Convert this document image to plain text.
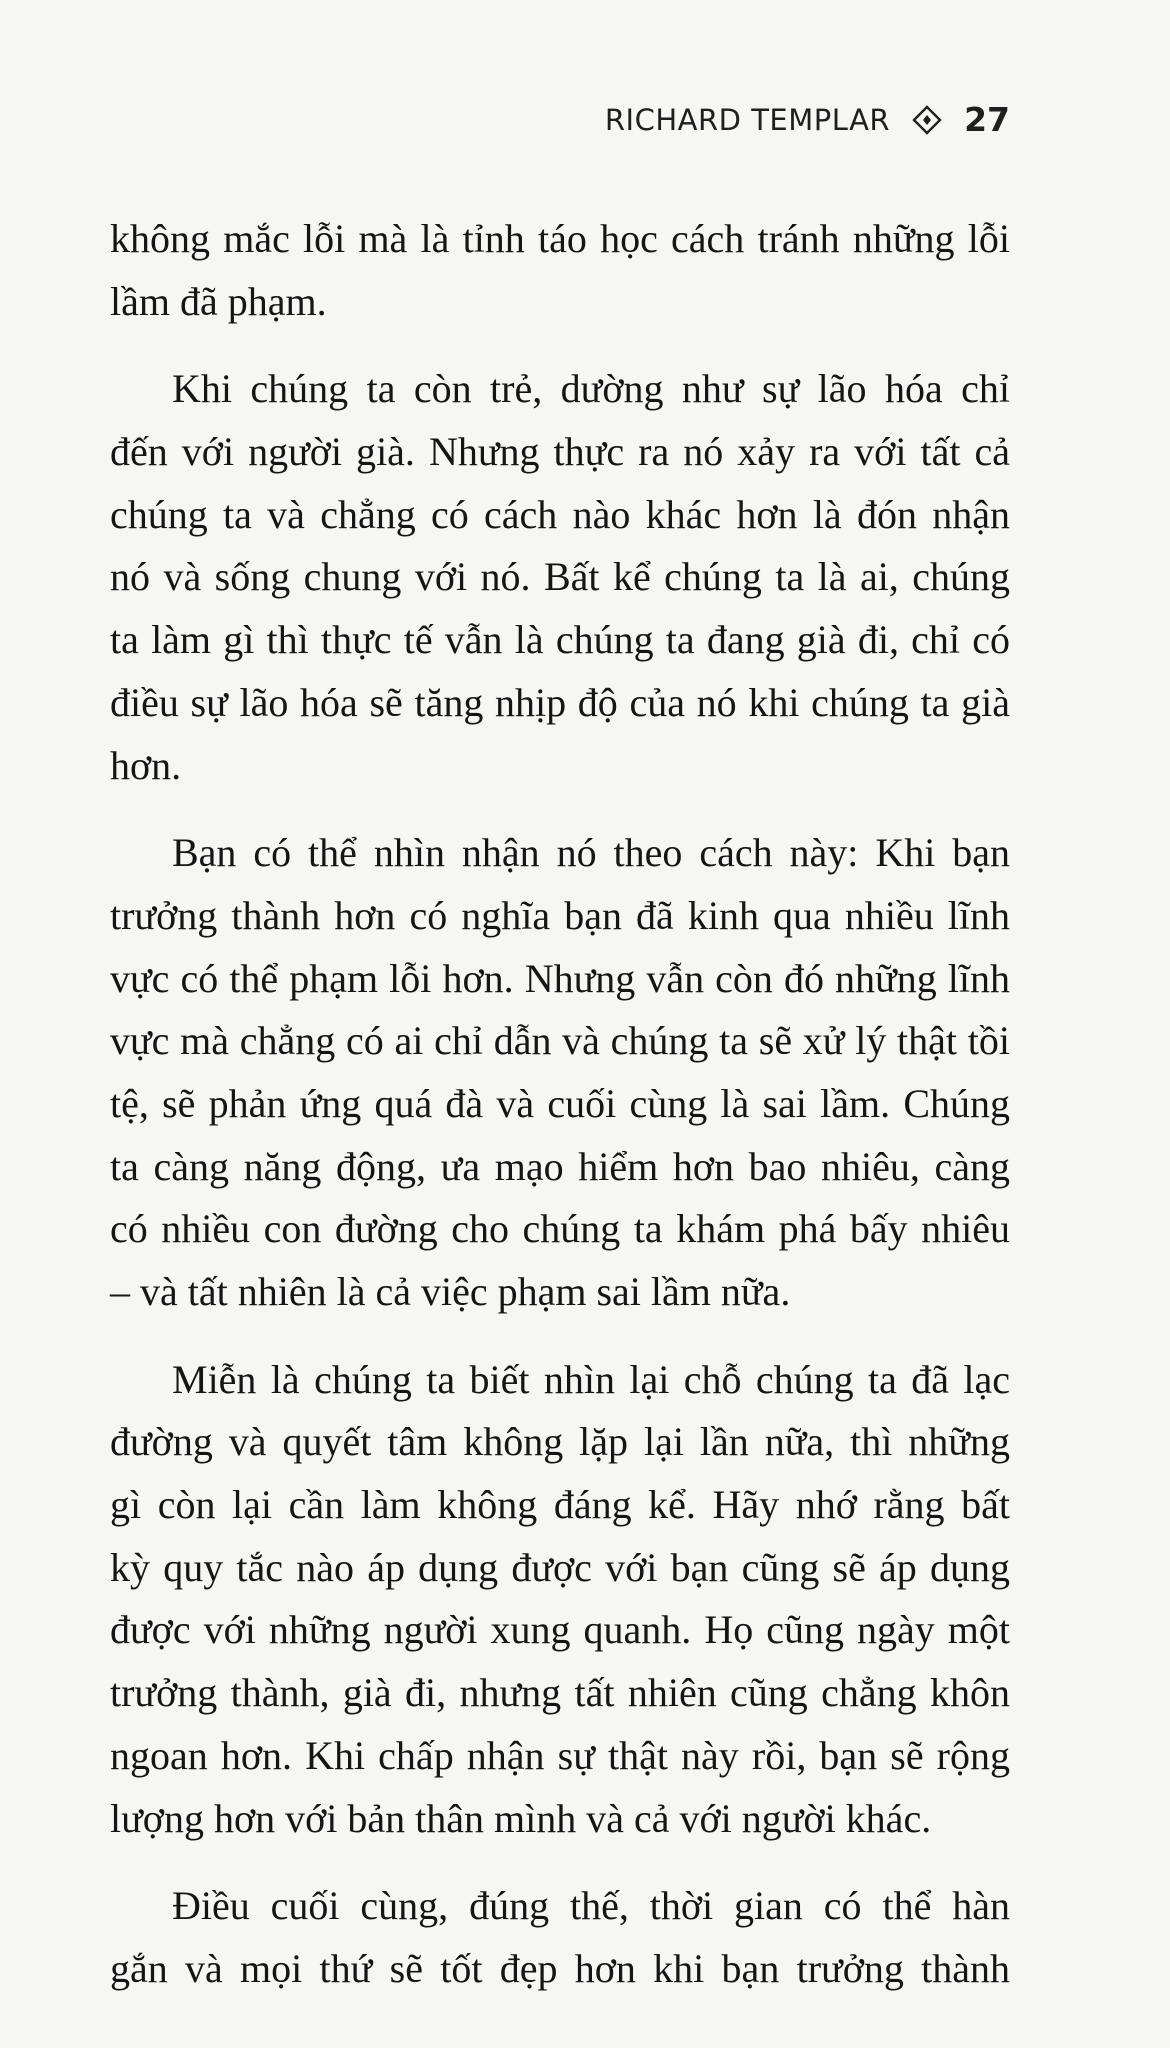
RICHARD TEMPLAR 27
không mắc lỗi mà là tỉnh táo học cách tránh những lỗi
lầm đã phạm.
Khi chúng ta còn trẻ, dường như sự lão hóa chỉ
đến với người già. Nhưng thực ra nó xảy ra với tất cả
chúng ta và chẳng có cách nào khác hơn là đón nhận
nó và sống chung với nó. Bất kể chúng ta là ai, chúng
ta làm gì thì thực tế vẫn là chúng ta đang già đi, chỉ có
điều sự lão hóa sẽ tăng nhịp độ của nó khi chúng ta già
hơn.
Bạn có thể nhìn nhận nó theo cách này: Khi bạn
trưởng thành hơn có nghĩa bạn đã kinh qua nhiều lĩnh
vực có thể phạm lỗi hơn. Nhưng vẫn còn đó những lĩnh
vực mà chẳng có ai chỉ dẫn và chúng ta sẽ xử lý thật tồi
tệ, sẽ phản ứng quá đà và cuối cùng là sai lầm. Chúng
ta càng năng động, ưa mạo hiểm hơn bao nhiêu, càng
có nhiều con đường cho chúng ta khám phá bấy nhiêu
– và tất nhiên là cả việc phạm sai lầm nữa.
Miễn là chúng ta biết nhìn lại chỗ chúng ta đã lạc
đường và quyết tâm không lặp lại lần nữa, thì những
gì còn lại cần làm không đáng kể. Hãy nhớ rằng bất
kỳ quy tắc nào áp dụng được với bạn cũng sẽ áp dụng
được với những người xung quanh. Họ cũng ngày một
trưởng thành, già đi, nhưng tất nhiên cũng chẳng khôn
ngoan hơn. Khi chấp nhận sự thật này rồi, bạn sẽ rộng
lượng hơn với bản thân mình và cả với người khác.
Điều cuối cùng, đúng thế, thời gian có thể hàn
gắn và mọi thứ sẽ tốt đẹp hơn khi bạn trưởng thành
